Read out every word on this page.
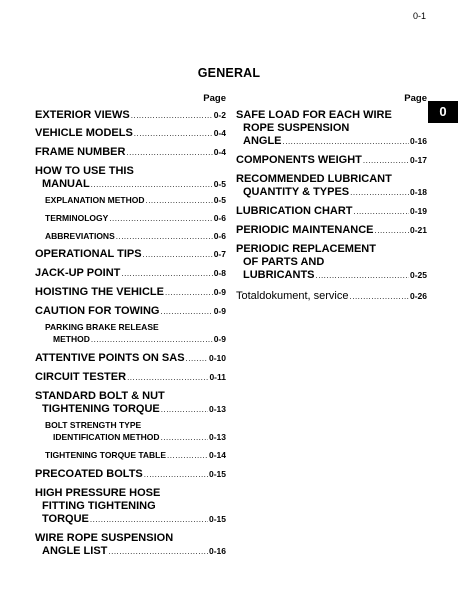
0-1
GENERAL
0
Page
EXTERIOR VIEWS .....	0-2
VEHICLE MODELS .....	0-4
FRAME NUMBER .....	0-4
HOW TO USE THIS
MANUAL .....	0-5
EXPLANATION METHOD .....	0-5
TERMINOLOGY .....	0-6
ABBREVIATIONS .....	0-6
OPERATIONAL TIPS .....	0-7
JACK-UP POINT .....	0-8
HOISTING THE VEHICLE .....	0-9
CAUTION FOR TOWING .....	0-9
PARKING BRAKE RELEASE
METHOD .....	0-9
ATTENTIVE POINTS ON SAS .....	0-10
CIRCUIT TESTER .....	0-11
STANDARD BOLT & NUT
TIGHTENING TORQUE .....	0-13
BOLT STRENGTH TYPE
IDENTIFICATION METHOD .....	0-13
TIGHTENING TORQUE TABLE .....	0-14
PRECOATED BOLTS .....	0-15
HIGH PRESSURE HOSE
FITTING TIGHTENING
TORQUE .....	0-15
WIRE ROPE SUSPENSION
ANGLE LIST .....	0-16
Page
SAFE LOAD FOR EACH WIRE
ROPE SUSPENSION
ANGLE .....	0-16
COMPONENTS WEIGHT .....	0-17
RECOMMENDED LUBRICANT
QUANTITY & TYPES .....	0-18
LUBRICATION CHART .....	0-19
PERIODIC MAINTENANCE .....	0-21
PERIODIC REPLACEMENT
OF PARTS AND
LUBRICANTS .....	0-25
Totaldokument, service .....	0-26
